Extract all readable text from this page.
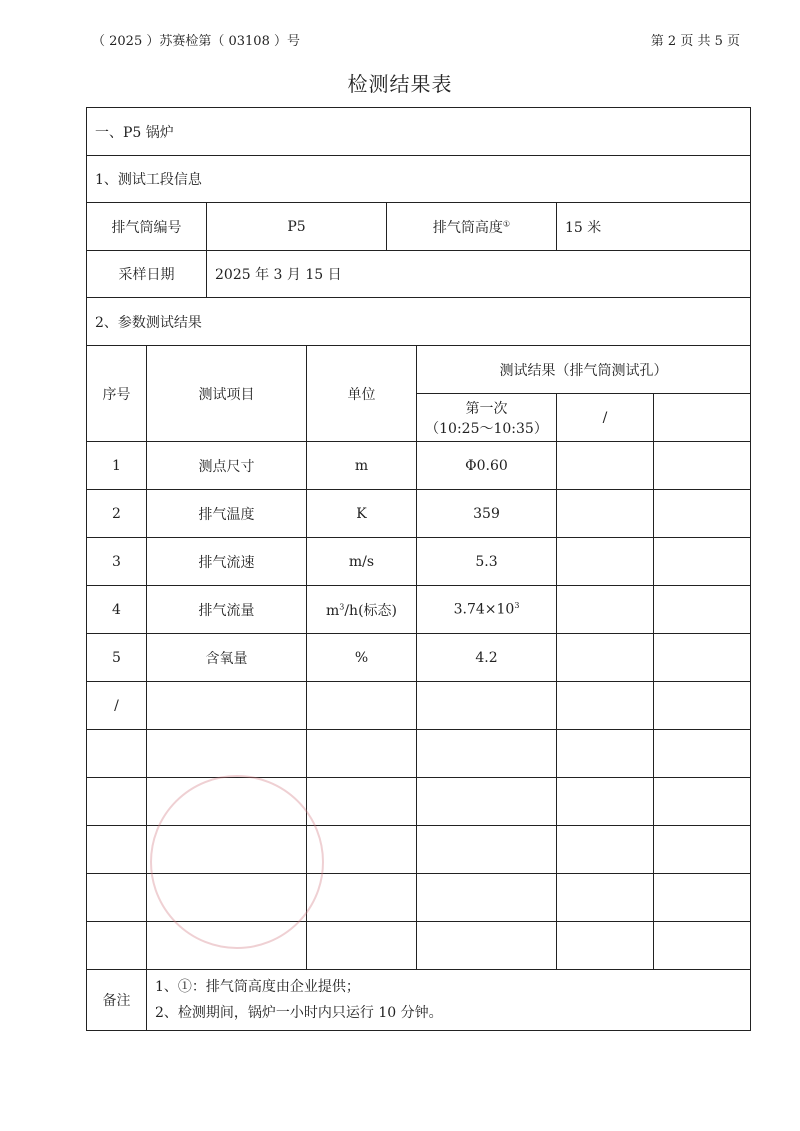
（ 2025 ）苏赛检第（ 03108 ）号	第 2 页 共 5 页
检测结果表
一、P5 锅炉							
1、测试工段信息							
排气筒编号		P5		排气筒高度①		15 米	
采样日期		2025 年 3 月 15 日					
2、参数测试结果							
序号	测试项目		单位		测试结果（排气筒测试孔）		

					第一次
（10:25～10:35）	/	
1	测点尺寸		m		Φ0.60		
2	排气温度		K		359		
3	排气流速		m/s		5.3		
4	排气流量		$m^3/h$(标态)		$3.74\times 10^3$		
5	含氧量		%		4.2		
/							

备注	1、①：排气筒高度由企业提供；
2、检测期间，锅炉一小时内只运行 10 分钟。						
